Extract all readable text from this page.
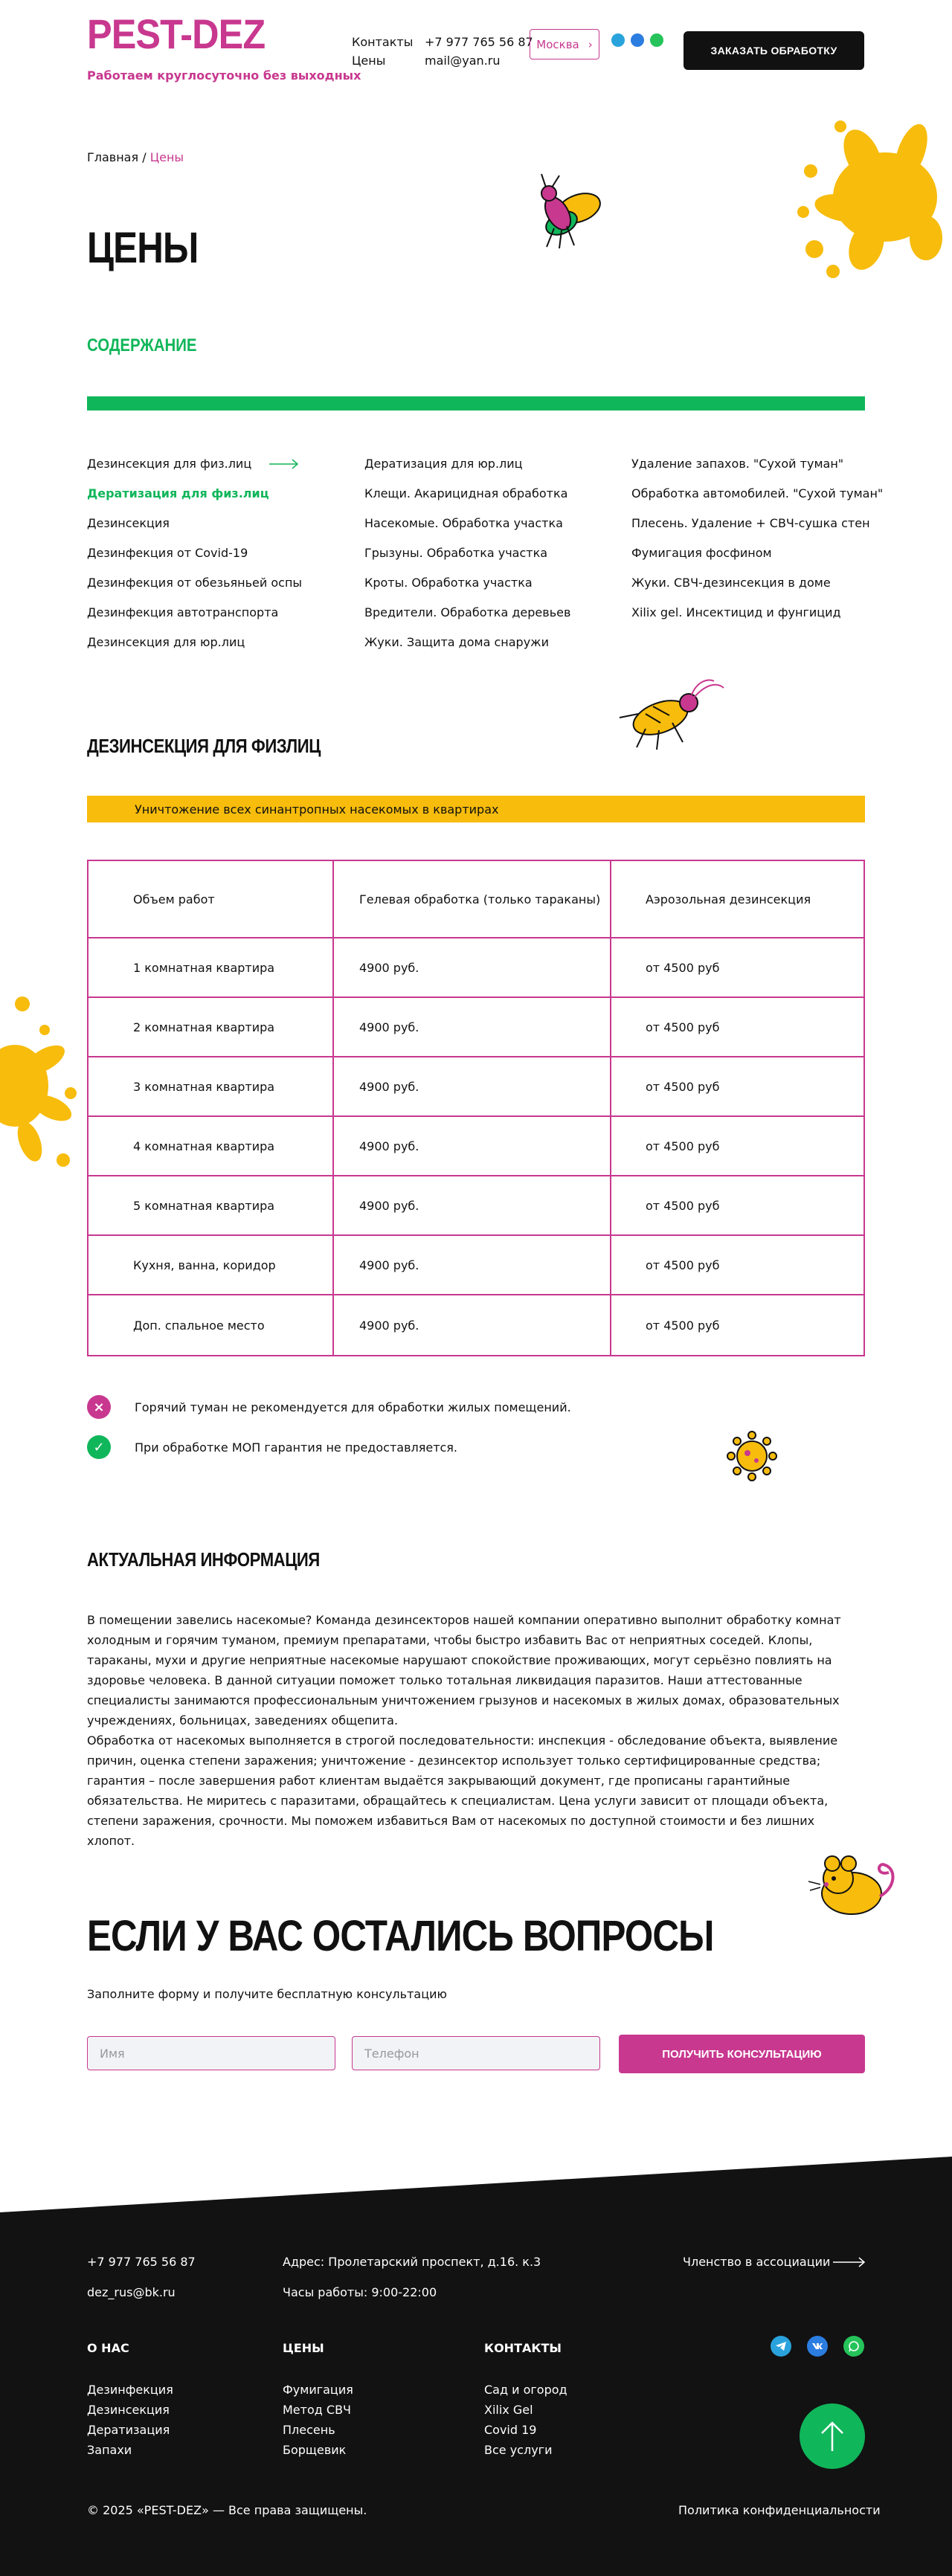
PEST-DEZ
Работаем круглосуточно без выходных
Контакты
Цены
+7 977 765 56 87
mail@yan.ru
Москва ›	ЗАКАЗАТЬ ОБРАБОТКУ
Главная / Цены
ЦЕНЫ
СОДЕРЖАНИЕ
Дезинсекция для физ.лиц
Дератизация для физ.лиц
Дезинсекция
Дезинфекция от Covid-19
Дезинфекция от обезьяньей оспы
Дезинфекция автотранспорта
Дезинсекция для юр.лиц
Дератизация для юр.лиц
Клещи. Акарицидная обработка
Насекомые. Обработка участка
Грызуны. Обработка участка
Кроты. Обработка участка
Вредители. Обработка деревьев
Жуки. Защита дома снаружи
Удаление запахов. "Сухой туман"
Обработка автомобилей. "Сухой туман"
Плесень. Удаление + СВЧ-сушка стен
Фумигация фосфином
Жуки. СВЧ-дезинсекция в доме
Xilix gel. Инсектицид и фунгицид
ДЕЗИНСЕКЦИЯ ДЛЯ ФИЗЛИЦ
Уничтожение всех синантропных насекомых в квартирах
Объем работ	Гелевая обработка (только тараканы)	Аэрозольная дезинсекция
1 комнатная квартира	4900 руб.	от 4500 руб
2 комнатная квартира	4900 руб.	от 4500 руб
3 комнатная квартира	4900 руб.	от 4500 руб
4 комнатная квартира	4900 руб.	от 4500 руб
5 комнатная квартира	4900 руб.	от 4500 руб
Кухня, ванна, коридор	4900 руб.	от 4500 руб
Доп. спальное место	4900 руб.	от 4500 руб
×	Горячий туман не рекомендуется для обработки жилых помещений.
✓	При обработке МОП гарантия не предоставляется.
АКТУАЛЬНАЯ ИНФОРМАЦИЯ

В помещении завелись насекомые? Команда дезинсекторов нашей компании оперативно выполнит обработку комнат холодным и горячим туманом, премиум препаратами, чтобы быстро избавить Вас от неприятных соседей. Клопы, тараканы, мухи и другие неприятные насекомые нарушают спокойствие проживающих, могут серьёзно повлиять на здоровье человека. В данной ситуации поможет только тотальная ликвидация паразитов. Наши аттестованные специалисты занимаются профессиональным уничтожением грызунов и насекомых в жилых домах, образовательных учреждениях, больницах, заведениях общепита.

Обработка от насекомых выполняется в строгой последовательности: инспекция - обследование объекта, выявление причин, оценка степени заражения; уничтожение - дезинсектор использует только сертифицированные средства; гарантия – после завершения работ клиентам выдаётся закрывающий документ, где прописаны гарантийные обязательства. Не миритесь с паразитами, обращайтесь к специалистам. Цена услуги зависит от площади объекта, степени заражения, срочности. Мы поможем избавиться Вам от насекомых по доступной стоимости и без лишних хлопот.

ЕСЛИ У ВАС ОСТАЛИСЬ ВОПРОСЫ
Заполните форму и получите бесплатную консультацию
Имя	Телефон	ПОЛУЧИТЬ КОНСУЛЬТАЦИЮ
+7 977 765 56 87
dez_rus@bk.ru
Адрес: Пролетарский проспект, д.16. к.3
Часы работы: 9:00-22:00
Членство в ассоциации
О НАС
Дезинфекция
Дезинсекция
Дератизация
Запахи
ЦЕНЫ
Фумигация
Метод СВЧ
Плесень
Борщевик
КОНТАКТЫ
Сад и огород
Xilix Gel
Covid 19
Все услуги
© 2025 «PEST-DEZ» — Все права защищены.	Политика конфиденциальности
